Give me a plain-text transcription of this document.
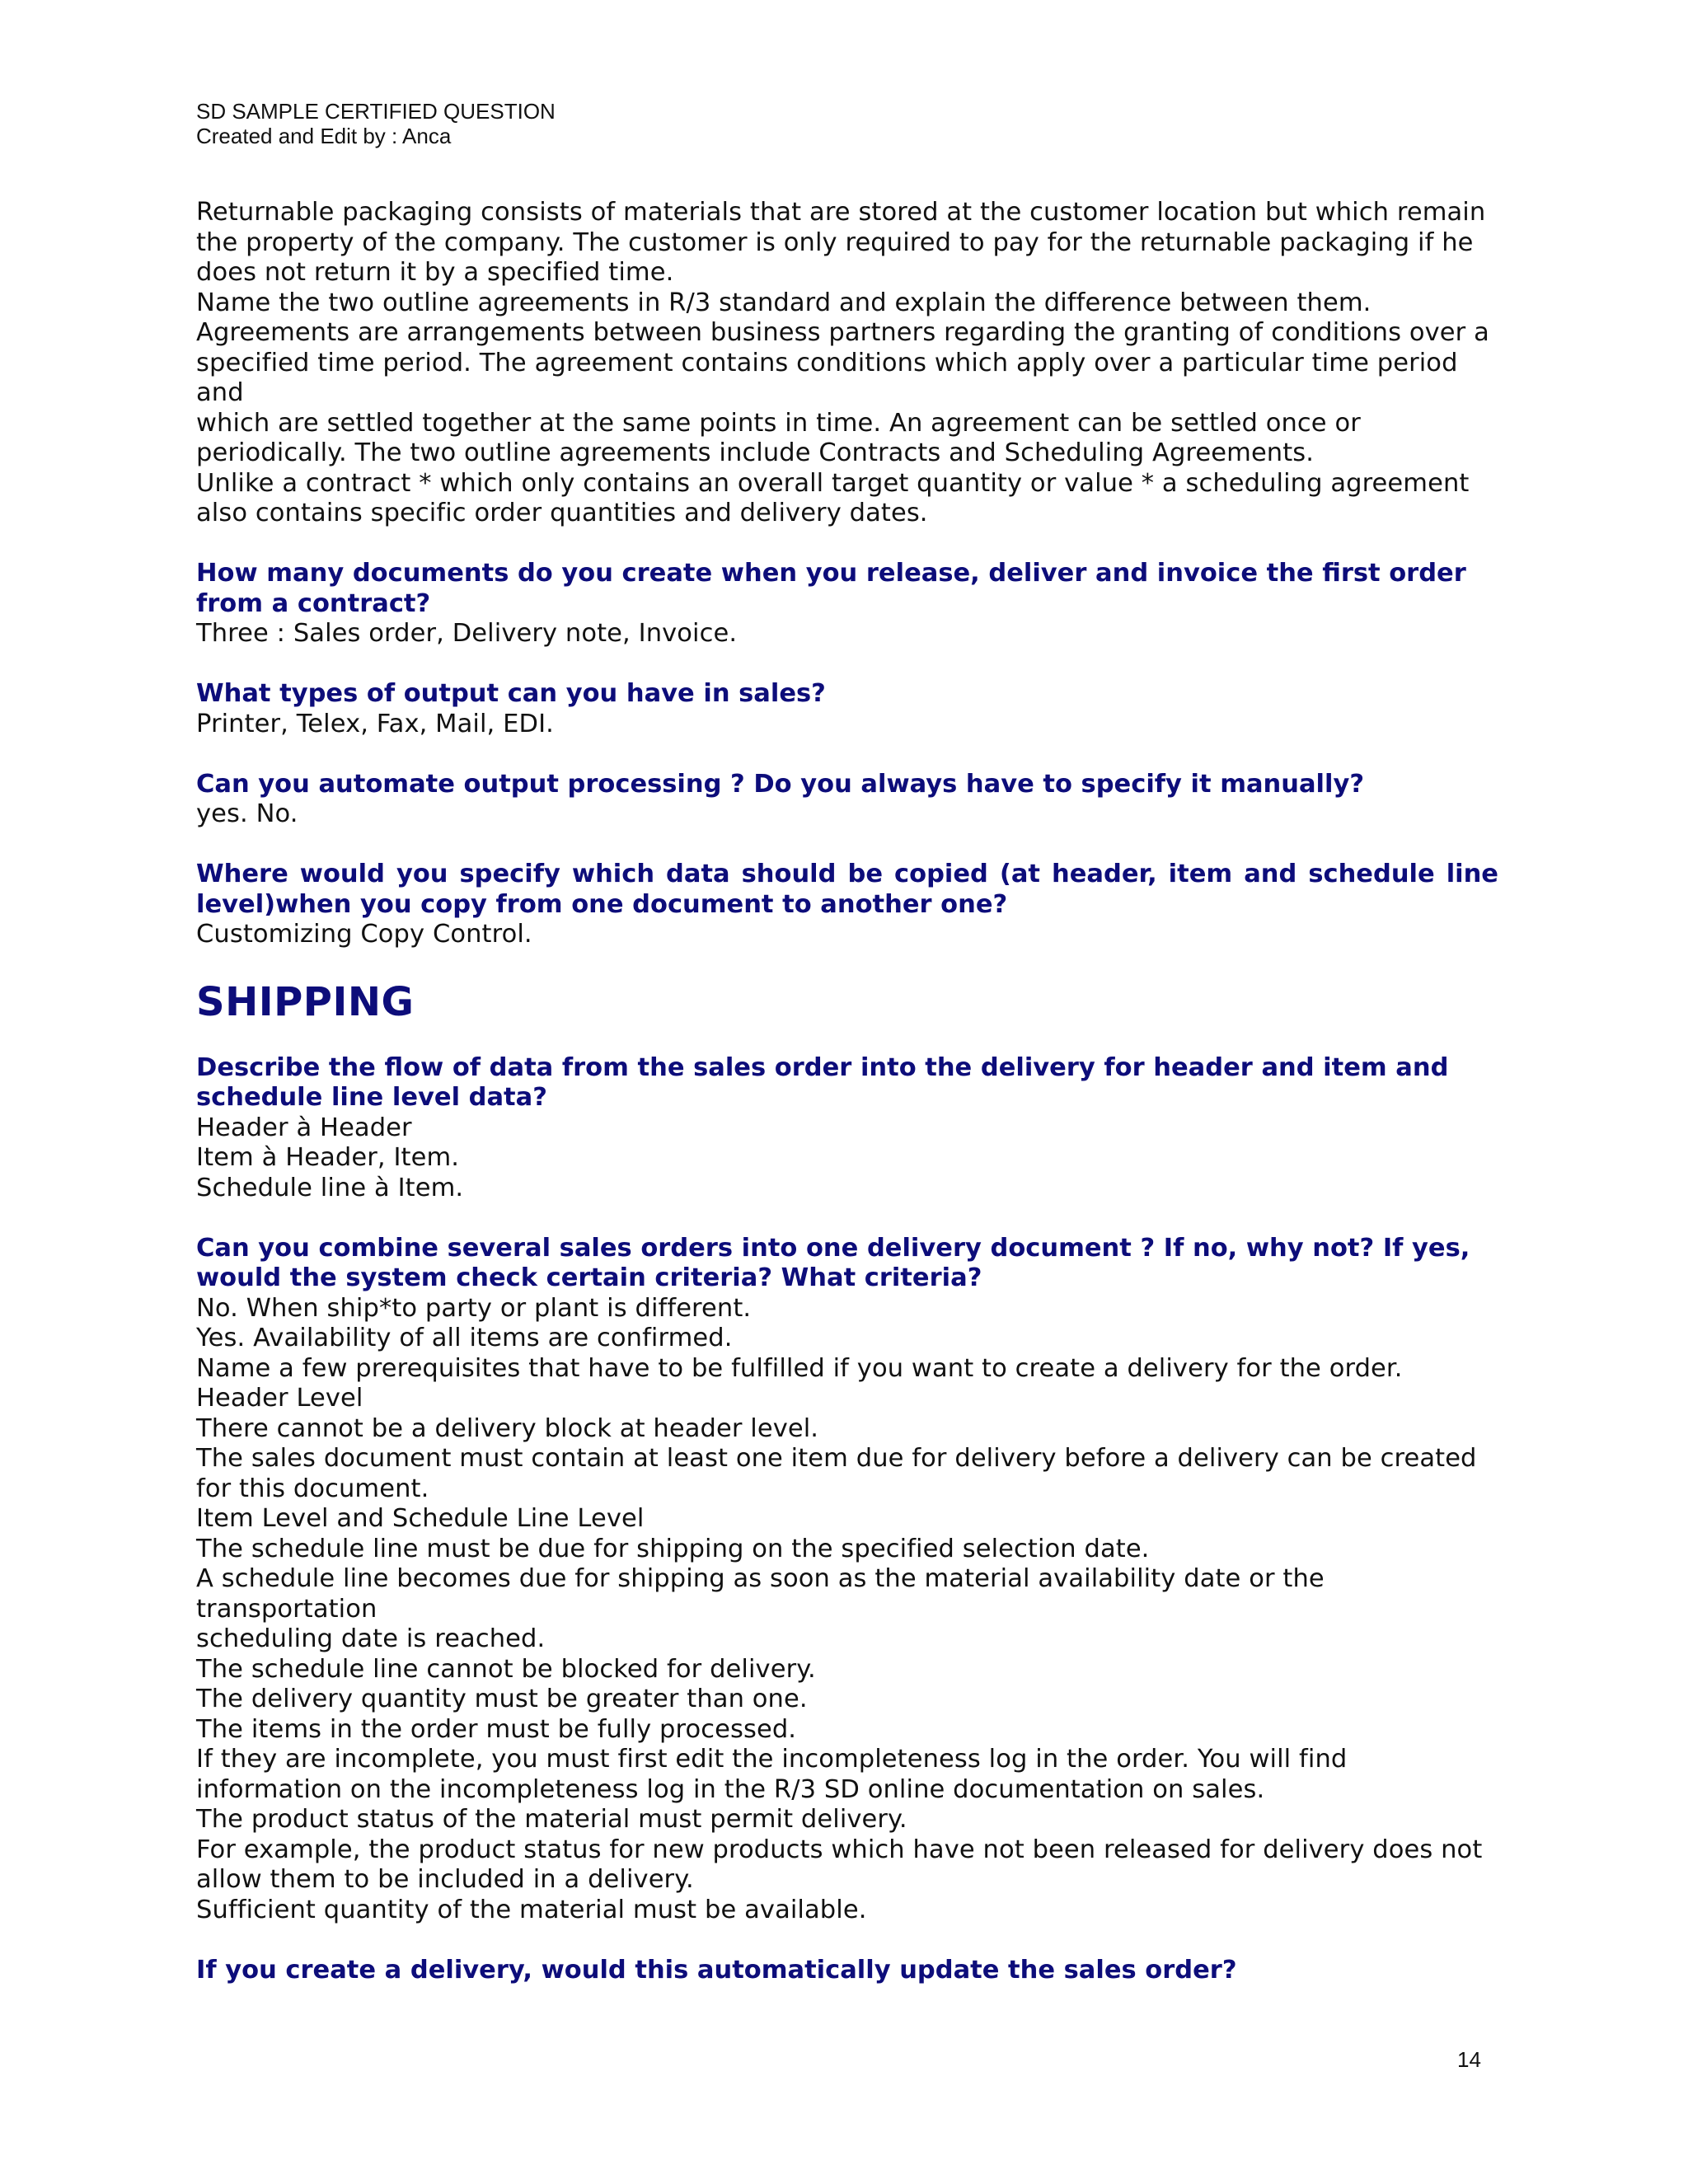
SD SAMPLE CERTIFIED QUESTION
Created and Edit by : Anca
Returnable packaging consists of materials that are stored at the customer location but which remain
the property of the company. The customer is only required to pay for the returnable packaging if he
does not return it by a specified time.
Name the two outline agreements in R/3 standard and explain the difference between them.
Agreements are arrangements between business partners regarding the granting of conditions over a
specified time period. The agreement contains conditions which apply over a particular time period and
which are settled together at the same points in time. An agreement can be settled once or
periodically. The two outline agreements include Contracts and Scheduling Agreements.
Unlike a contract * which only contains an overall target quantity or value * a scheduling agreement
also contains specific order quantities and delivery dates.
How many documents do you create when you release, deliver and invoice the first order
from a contract?
Three : Sales order, Delivery note, Invoice.
What types of output can you have in sales?
Printer, Telex, Fax, Mail, EDI.
Can you automate output processing ? Do you always have to specify it manually?
yes. No.
Where would you specify which data should be copied (at header, item and schedule line
level)when you copy from one document to another one?
Customizing Copy Control.
SHIPPING
Describe the flow of data from the sales order into the delivery for header and item and
schedule line level data?
Header à Header
Item à Header, Item.
Schedule line à Item.
Can you combine several sales orders into one delivery document ? If no, why not? If yes,
would the system check certain criteria? What criteria?
No. When ship*to party or plant is different.
Yes. Availability of all items are confirmed.
Name a few prerequisites that have to be fulfilled if you want to create a delivery for the order.
Header Level
There cannot be a delivery block at header level.
The sales document must contain at least one item due for delivery before a delivery can be created
for this document.
Item Level and Schedule Line Level
The schedule line must be due for shipping on the specified selection date.
A schedule line becomes due for shipping as soon as the material availability date or the transportation
scheduling date is reached.
The schedule line cannot be blocked for delivery.
The delivery quantity must be greater than one.
The items in the order must be fully processed.
If they are incomplete, you must first edit the incompleteness log in the order. You will find
information on the incompleteness log in the R/3 SD online documentation on sales.
The product status of the material must permit delivery.
For example, the product status for new products which have not been released for delivery does not
allow them to be included in a delivery.
Sufficient quantity of the material must be available.
If you create a delivery, would this automatically update the sales order?
14
